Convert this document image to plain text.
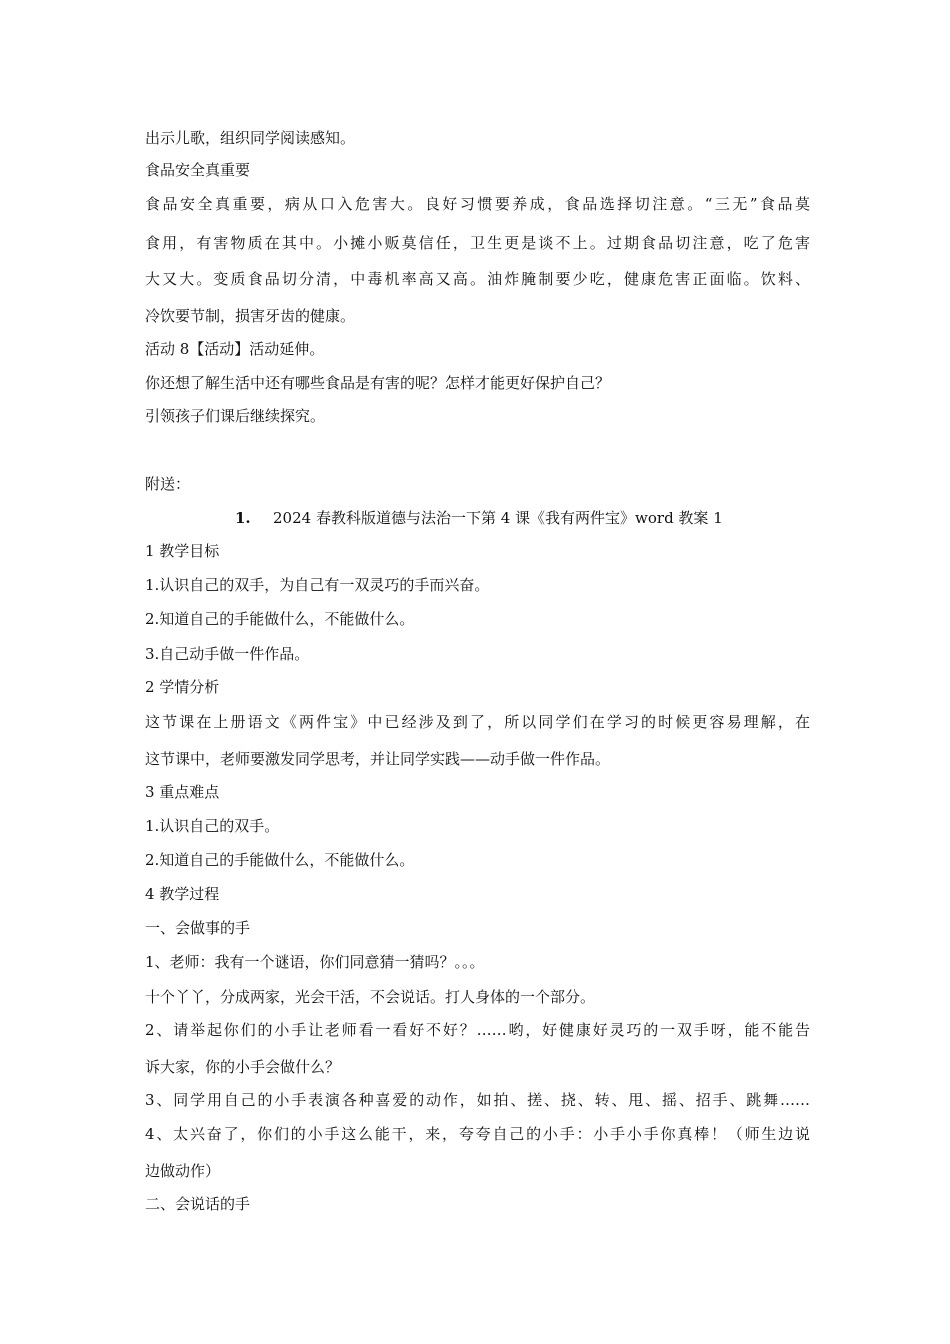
出示儿歌，组织同学阅读感知。
食品安全真重要
食品安全真重要，病从口入危害大。良好习惯要养成，食品选择切注意。“三无”食品莫
食用，有害物质在其中。小摊小贩莫信任，卫生更是谈不上。过期食品切注意，吃了危害
大又大。变质食品切分清，中毒机率高又高。油炸腌制要少吃，健康危害正面临。饮料、
冷饮要节制，损害牙齿的健康。
活动 8【活动】活动延伸。
你还想了解生活中还有哪些食品是有害的呢？怎样才能更好保护自己？
引领孩子们课后继续探究。
附送：
1. 2024 春教科版道德与法治一下第 4 课《我有两件宝》word 教案 1
1 教学目标
1.认识自己的双手，为自己有一双灵巧的手而兴奋。
2.知道自己的手能做什么，不能做什么。
3.自己动手做一件作品。
2 学情分析
这节课在上册语文《两件宝》中已经涉及到了，所以同学们在学习的时候更容易理解，在
这节课中，老师要激发同学思考，并让同学实践——动手做一件作品。
3 重点难点
1.认识自己的双手。
2.知道自己的手能做什么，不能做什么。
4 教学过程
一、会做事的手
1、老师：我有一个谜语，你们同意猜一猜吗？。。。
十个丫丫，分成两家，光会干活，不会说话。打人身体的一个部分。
2、请举起你们的小手让老师看一看好不好？……哟，好健康好灵巧的一双手呀，能不能告
诉大家，你的小手会做什么？
3、同学用自己的小手表演各种喜爱的动作，如拍、搓、挠、转、甩、摇、招手、跳舞……
4、太兴奋了，你们的小手这么能干，来，夸夸自己的小手：小手小手你真棒！（师生边说
边做动作）
二、会说话的手
